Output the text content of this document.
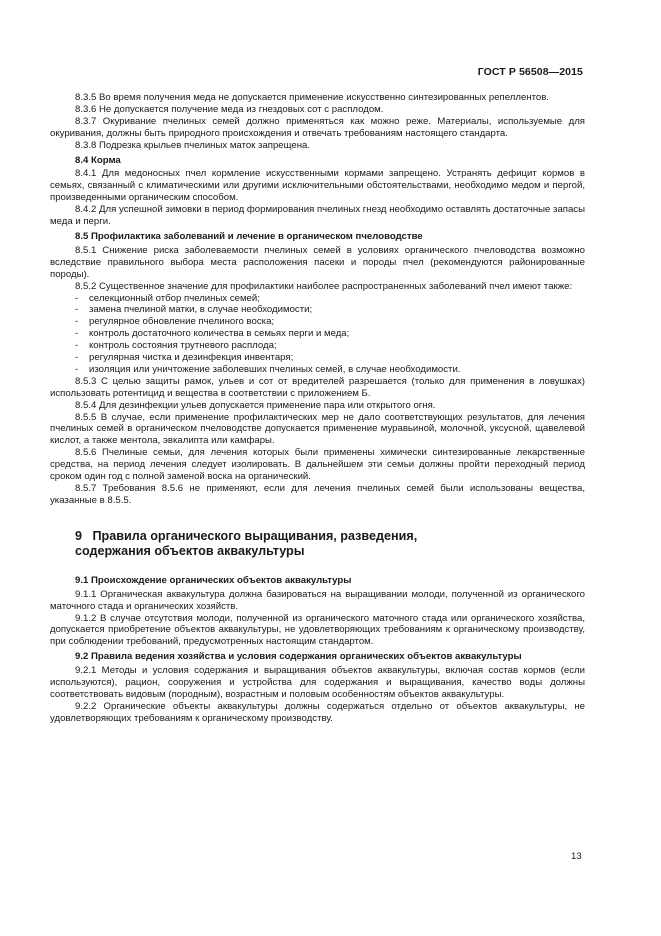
ГОСТ Р 56508—2015

8.3.5 Во время получения меда не допускается применение искусственно синтезированных репеллентов.

8.3.6 Не допускается получение меда из гнездовых сот с расплодом.

8.3.7 Окуривание пчелиных семей должно применяться как можно реже. Материалы, используемые для окуривания, должны быть природного происхождения и отвечать требованиям настоящего стандарта.

8.3.8 Подрезка крыльев пчелиных маток запрещена.

8.4 Корма

8.4.1 Для медоносных пчел кормление искусственными кормами запрещено. Устранять дефицит кормов в семьях, связанный с климатическими или другими исключительными обстоятельствами, необходимо медом и пергой, произведенными органическим способом.

8.4.2 Для успешной зимовки в период формирования пчелиных гнезд необходимо оставлять достаточные запасы меда и перги.

8.5 Профилактика заболеваний и лечение в органическом пчеловодстве

8.5.1 Снижение риска заболеваемости пчелиных семей в условиях органического пчеловодства возможно вследствие правильного выбора места расположения пасеки и породы пчел (рекомендуются районированные породы).

8.5.2 Существенное значение для профилактики наиболее распространенных заболеваний пчел имеют также:

- селекционный отбор пчелиных семей;

- замена пчелиной матки, в случае необходимости;

- регулярное обновление пчелиного воска;

- контроль достаточного количества в семьях перги и меда;

- контроль состояния трутневого расплода;

- регулярная чистка и дезинфекция инвентаря;

- изоляция или уничтожение заболевших пчелиных семей, в случае необходимости.

8.5.3 С целью защиты рамок, ульев и сот от вредителей разрешается (только для применения в ловушках) использовать ротентицид и вещества в соответствии с приложением Б.

8.5.4 Для дезинфекции ульев допускается применение пара или открытого огня.

8.5.5 В случае, если применение профилактических мер не дало соответствующих результатов, для лечения пчелиных семей в органическом пчеловодстве допускается применение муравьиной, молочной, уксусной, щавелевой кислот, а также ментола, эвкалипта или камфары.

8.5.6 Пчелиные семьи, для лечения которых были применены химически синтезированные лекарственные средства, на период лечения следует изолировать. В дальнейшем эти семьи должны пройти переходный период сроком один год с полной заменой воска на органический.

8.5.7 Требования 8.5.6 не применяют, если для лечения пчелиных семей были использованы вещества, указанные в 8.5.5.

9 Правила органического выращивания, разведения,
содержания объектов аквакультуры

9.1 Происхождение органических объектов аквакультуры

9.1.1 Органическая аквакультура должна базироваться на выращивании молоди, полученной из органического маточного стада и органических хозяйств.

9.1.2 В случае отсутствия молоди, полученной из органического маточного стада или органического хозяйства, допускается приобретение объектов аквакультуры, не удовлетворяющих требованиям к органическому производству, при соблюдении требований, предусмотренных настоящим стандартом.

9.2 Правила ведения хозяйства и условия содержания органических объектов аквакультуры

9.2.1 Методы и условия содержания и выращивания объектов аквакультуры, включая состав кормов (если используются), рацион, сооружения и устройства для содержания и выращивания, качество воды должны соответствовать видовым (породным), возрастным и половым особенностям объектов аквакультуры.

9.2.2 Органические объекты аквакультуры должны содержаться отдельно от объектов аквакультуры, не удовлетворяющих требованиям к органическому производству.

13
